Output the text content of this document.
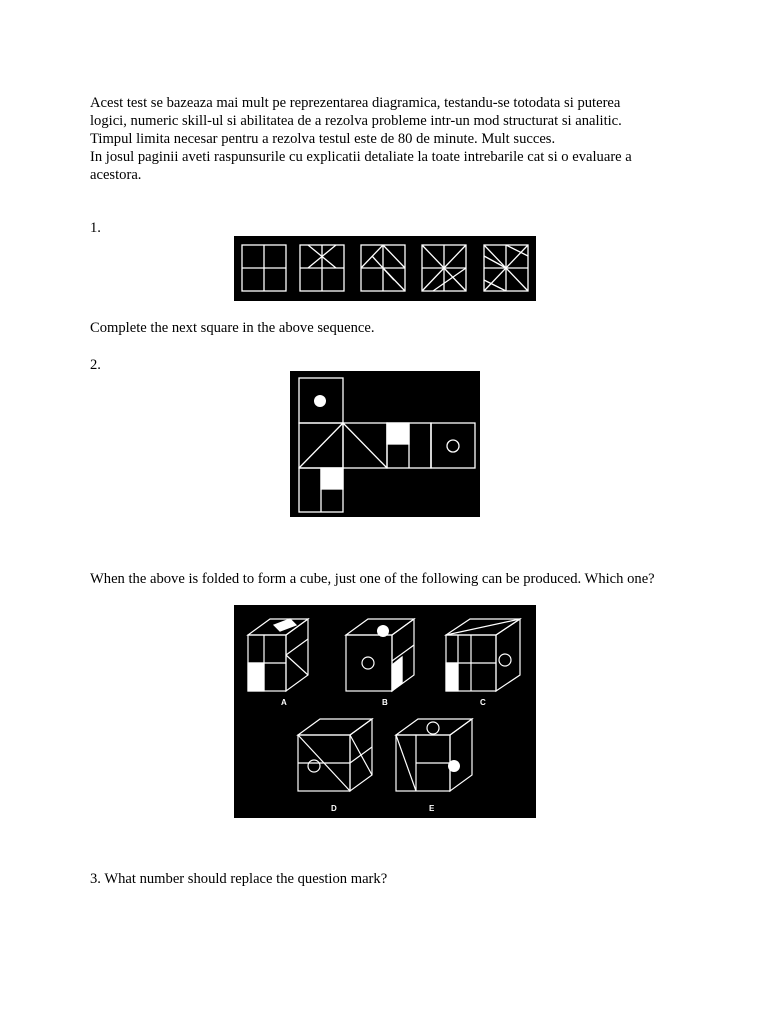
Acest test se bazeaza mai mult pe reprezentarea diagramica, testandu-se totodata si puterea
logici, numeric skill-ul si abilitatea de a rezolva probleme intr-un mod structurat si analitic.
Timpul limita necesar pentru a rezolva testul este de 80 de minute. Mult succes.
In josul paginii aveti raspunsurile cu explicatii detaliate la toate intrebarile cat si o evaluare a
acestora.
1.
Complete the next square in the above sequence.
2.
When the above is folded to form a cube, just one of the following can be produced. Which one?
A	B	C
D	E
3. What number should replace the question mark?
